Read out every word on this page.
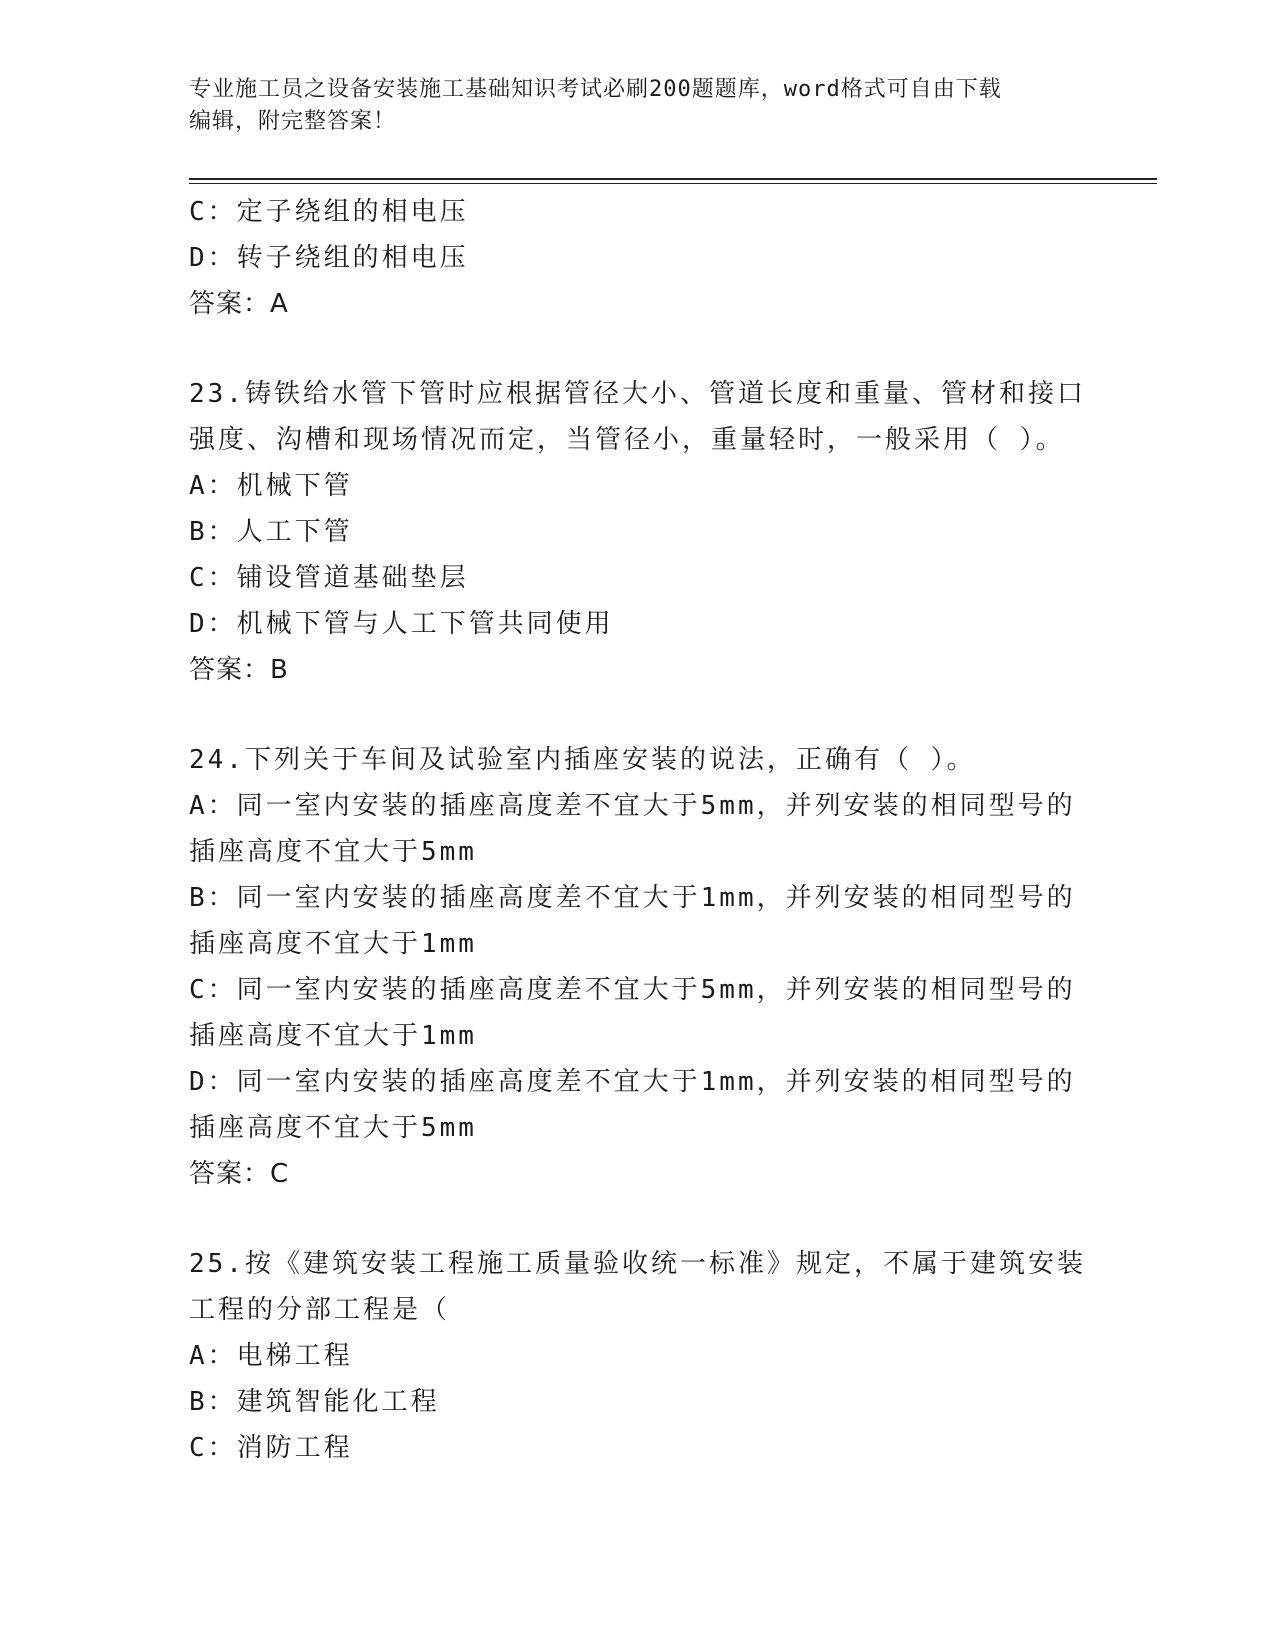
专业施工员之设备安装施工基础知识考试必刷200题题库，word格式可自由下载
编辑，附完整答案！
C：定子绕组的相电压
D：转子绕组的相电压
答案：A
23.铸铁给水管下管时应根据管径大小、管道长度和重量、管材和接口
强度、沟槽和现场情况而定，当管径小，重量轻时，一般采用（ ）。
A：机械下管
B：人工下管
C：铺设管道基础垫层
D：机械下管与人工下管共同使用
答案：B
24.下列关于车间及试验室内插座安装的说法，正确有（ ）。
A：同一室内安装的插座高度差不宜大于5mm，并列安装的相同型号的
插座高度不宜大于5mm
B：同一室内安装的插座高度差不宜大于1mm，并列安装的相同型号的
插座高度不宜大于1mm
C：同一室内安装的插座高度差不宜大于5mm，并列安装的相同型号的
插座高度不宜大于1mm
D：同一室内安装的插座高度差不宜大于1mm，并列安装的相同型号的
插座高度不宜大于5mm
答案：C
25.按《建筑安装工程施工质量验收统一标准》规定，不属于建筑安装
工程的分部工程是（
A：电梯工程
B：建筑智能化工程
C：消防工程
